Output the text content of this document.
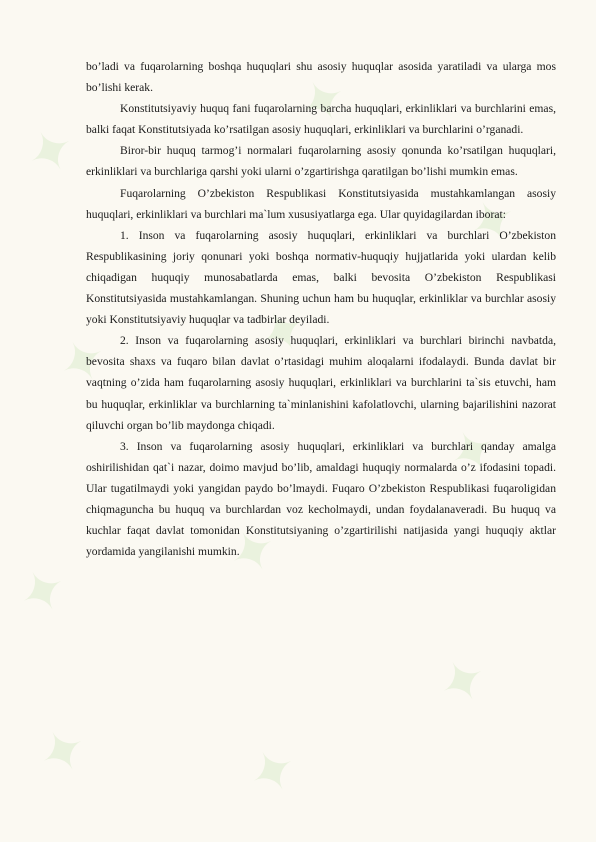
✦
✦
✦
✦ ✦
✦
✦
✦
✦
✦ ✦

bo’ladi va fuqarolarning boshqa huquqlari shu asosiy huquqlar asosida yaratiladi va ularga mos bo’lishi kerak.

Konstitutsiyaviy huquq fani fuqarolarning barcha huquqlari, erkinliklari va burchlarini emas, balki faqat Konstitutsiyada ko’rsatilgan asosiy huquqlari, erkinliklari va burchlarini o’rganadi.

Biror-bir huquq tarmog’i normalari fuqarolarning asosiy qonunda ko’rsatilgan huquqlari, erkinliklari va burchlariga qarshi yoki ularni o’zgartirishga qaratilgan bo’lishi mumkin emas.

Fuqarolarning O’zbekiston Respublikasi Konstitutsiyasida mustahkamlangan asosiy huquqlari, erkinliklari va burchlari ma`lum xususiyatlarga ega. Ular quyidagilardan iborat:

1. Inson va fuqarolarning asosiy huquqlari, erkinliklari va burchlari O’zbekiston Respublikasining joriy qonunari yoki boshqa normativ-huquqiy hujjatlarida yoki ulardan kelib chiqadigan huquqiy munosabatlarda emas, balki bevosita O’zbekiston Respublikasi Konstitutsiyasida mustahkamlangan. Shuning uchun ham bu huquqlar, erkinliklar va burchlar asosiy yoki Konstitutsiyaviy huquqlar va tadbirlar deyiladi.

2. Inson va fuqarolarning asosiy huquqlari, erkinliklari va burchlari birinchi navbatda, bevosita shaxs va fuqaro bilan davlat o’rtasidagi muhim aloqalarni ifodalaydi. Bunda davlat bir vaqtning o’zida ham fuqarolarning asosiy huquqlari, erkinliklari va burchlarini ta`sis etuvchi, ham bu huquqlar, erkinliklar va burchlarning ta`minlanishini kafolatlovchi, ularning bajarilishini nazorat qiluvchi organ bo’lib maydonga chiqadi.

3. Inson va fuqarolarning asosiy huquqlari, erkinliklari va burchlari qanday amalga oshirilishidan qat`i nazar, doimo mavjud bo’lib, amaldagi huquqiy normalarda o’z ifodasini topadi. Ular tugatilmaydi yoki yangidan paydo bo’lmaydi. Fuqaro O’zbekiston Respublikasi fuqaroligidan chiqmaguncha bu huquq va burchlardan voz kecholmaydi, undan foydalanaveradi. Bu huquq va kuchlar faqat davlat tomonidan Konstitutsiyaning o’zgartirilishi natijasida yangi huquqiy aktlar yordamida yangilanishi mumkin.
